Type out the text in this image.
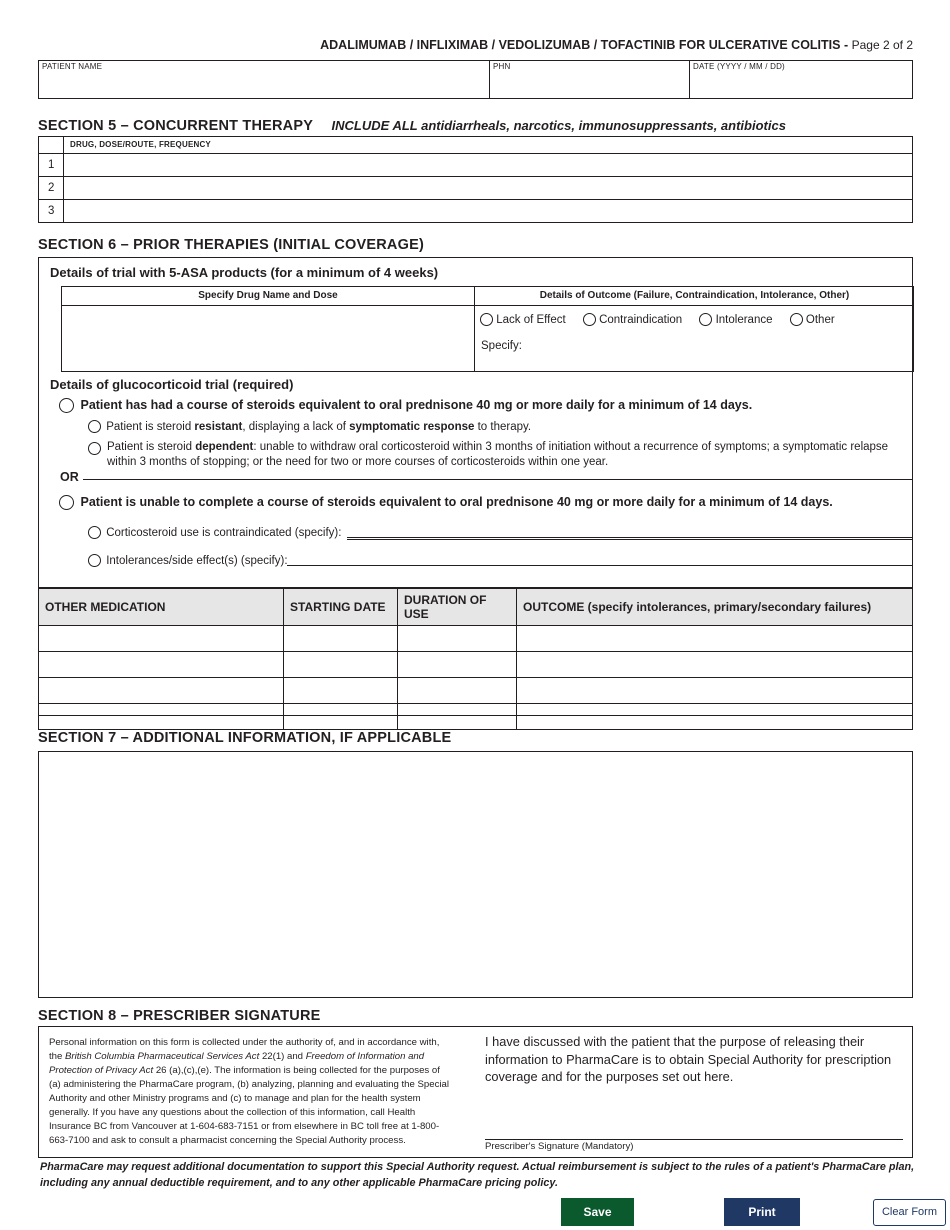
ADALIMUMAB / INFLIXIMAB / VEDOLIZUMAB / TOFACTINIB FOR ULCERATIVE COLITIS - Page 2 of 2
PATIENT NAME	PHN	DATE (YYYY / MM / DD)
SECTION 5 – CONCURRENT THERAPY INCLUDE ALL antidiarrheals, narcotics, immunosuppressants, antibiotics
DRUG, DOSE/ROUTE, FREQUENCY
1
2
3
SECTION 6 – PRIOR THERAPIES (INITIAL COVERAGE)
Details of trial with 5-ASA products (for a minimum of 4 weeks)
Specify Drug Name and Dose	Details of Outcome (Failure, Contraindication, Intolerance, Other)
Lack of Effect	Contraindication	Intolerance	Other
Specify:
Details of glucocorticoid trial (required)
Patient has had a course of steroids equivalent to oral prednisone 40 mg or more daily for a minimum of 14 days.
Patient is steroid resistant, displaying a lack of symptomatic response to therapy.
Patient is steroid dependent: unable to withdraw oral corticosteroid within 3 months of initiation without a recurrence of symptoms; a symptomatic relapse within 3 months of stopping; or the need for two or more courses of corticosteroids within one year.
OR
Patient is unable to complete a course of steroids equivalent to oral prednisone 40 mg or more daily for a minimum of 14 days.
Corticosteroid use is contraindicated (specify):
Intolerances/side effect(s) (specify):
OTHER MEDICATION	STARTING DATE	DURATION OF USE	OUTCOME (specify intolerances, primary/secondary failures)

SECTION 7 – ADDITIONAL INFORMATION, IF APPLICABLE
SECTION 8 – PRESCRIBER SIGNATURE
Personal information on this form is collected under the authority of, and in accordance with, the British Columbia Pharmaceutical Services Act 22(1) and Freedom of Information and Protection of Privacy Act 26 (a),(c),(e). The information is being collected for the purposes of (a) administering the PharmaCare program, (b) analyzing, planning and evaluating the Special Authority and other Ministry programs and (c) to manage and plan for the health system generally. If you have any questions about the collection of this information, call Health Insurance BC from Vancouver at 1-604-683-7151 or from elsewhere in BC toll free at 1-800-663-7100 and ask to consult a pharmacist concerning the Special Authority process.
I have discussed with the patient that the purpose of releasing their information to PharmaCare is to obtain Special Authority for prescription coverage and for the purposes set out here.
Prescriber's Signature (Mandatory)
PharmaCare may request additional documentation to support this Special Authority request. Actual reimbursement is subject to the rules of a patient's PharmaCare plan, including any annual deductible requirement, and to any other applicable PharmaCare pricing policy.
Save	Print	Clear Form
